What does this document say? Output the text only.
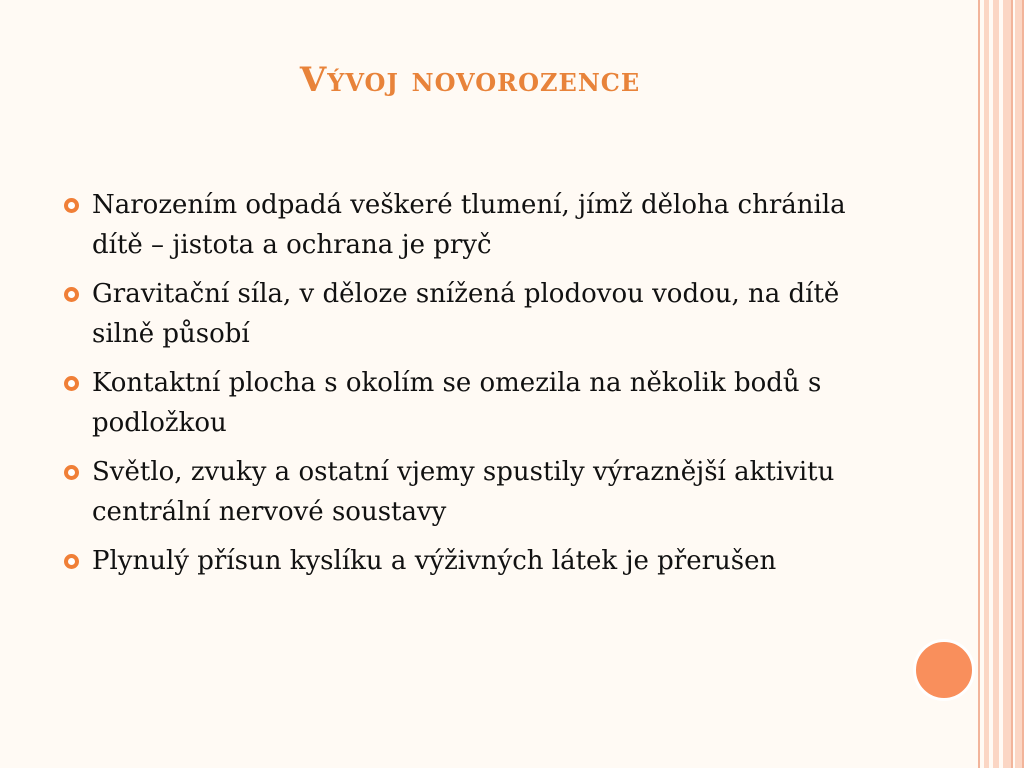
Vývoj novorozence
Narozením odpadá veškeré tlumení, jímž děloha chránila dítě – jistota a ochrana je pryč
Gravitační síla, v děloze snížená plodovou vodou, na dítě silně působí
Kontaktní plocha s okolím se omezila na několik bodů s podložkou
Světlo, zvuky a ostatní vjemy spustily výraznější aktivitu centrální nervové soustavy
Plynulý přísun kyslíku a výživných látek je přerušen
